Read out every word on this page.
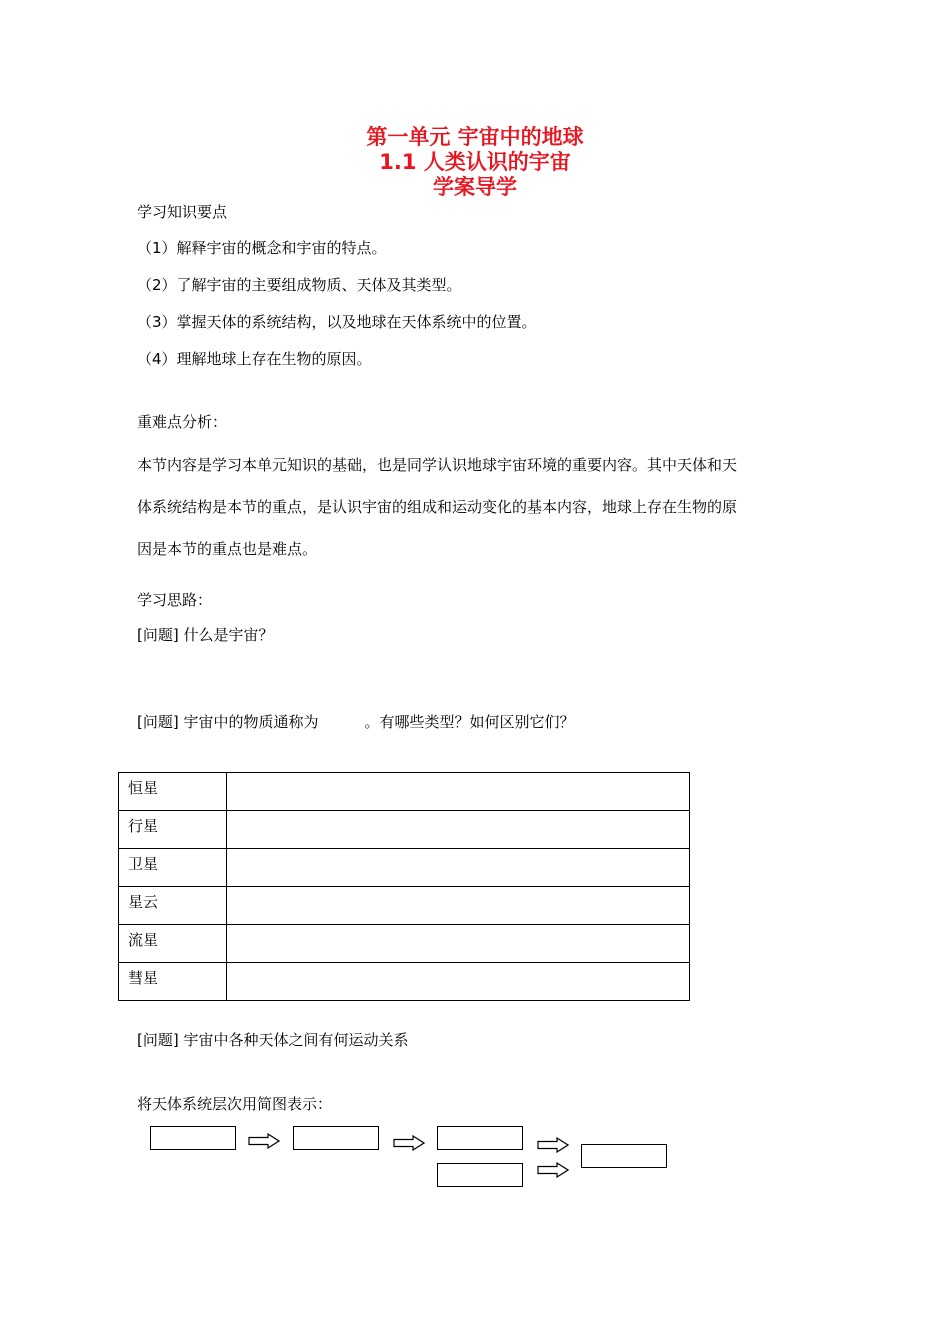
第一单元 宇宙中的地球
1.1 人类认识的宇宙
学案导学
学习知识要点
（1）解释宇宙的概念和宇宙的特点。
（2）了解宇宙的主要组成物质、天体及其类型。
（3）掌握天体的系统结构，以及地球在天体系统中的位置。
（4）理解地球上存在生物的原因。
重难点分析：
本节内容是学习本单元知识的基础，也是同学认识地球宇宙环境的重要内容。其中天体和天
体系统结构是本节的重点，是认识宇宙的组成和运动变化的基本内容，地球上存在生物的原
因是本节的重点也是难点。
学习思路：
[问题] 什么是宇宙？
[问题] 宇宙中的物质通称为	。有哪些类型？如何区别它们？
恒星	
行星	
卫星	
星云	
流星	
彗星	
[问题] 宇宙中各种天体之间有何运动关系
将天体系统层次用简图表示：
